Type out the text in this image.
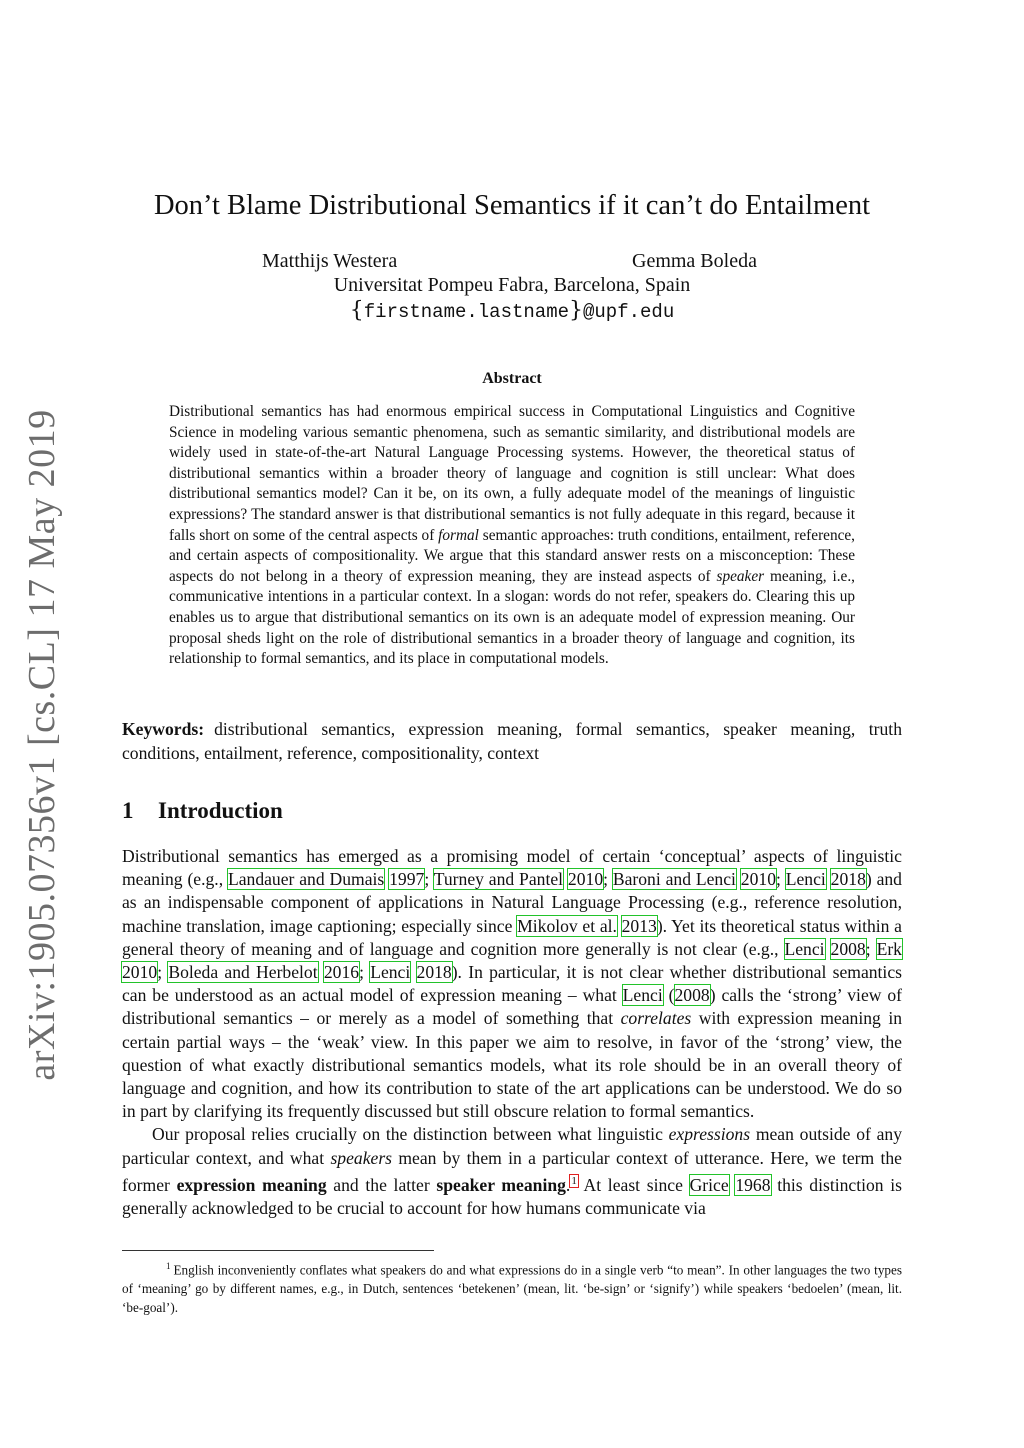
arXiv:1905.07356v1 [cs.CL] 17 May 2019
Don’t Blame Distributional Semantics if it can’t do Entailment
Matthijs Westera	Gemma Boleda
Universitat Pompeu Fabra, Barcelona, Spain
{firstname.lastname}@upf.edu
Abstract
Distributional semantics has had enormous empirical success in Computational Linguistics and Cognitive Science in modeling various semantic phenomena, such as semantic similarity, and distributional models are widely used in state-of-the-art Natural Language Processing systems. However, the theoretical status of distributional semantics within a broader theory of language and cognition is still unclear: What does distributional semantics model? Can it be, on its own, a fully adequate model of the meanings of linguistic expressions? The standard answer is that distributional semantics is not fully adequate in this regard, because it falls short on some of the central aspects of formal semantic approaches: truth conditions, entailment, reference, and certain aspects of compositionality. We argue that this standard answer rests on a misconception: These aspects do not belong in a theory of expression meaning, they are instead aspects of speaker meaning, i.e., communicative intentions in a particular context. In a slogan: words do not refer, speakers do. Clearing this up enables us to argue that distributional semantics on its own is an adequate model of expression meaning. Our proposal sheds light on the role of distributional semantics in a broader theory of language and cognition, its relationship to formal semantics, and its place in computational models.
Keywords: distributional semantics, expression meaning, formal semantics, speaker meaning, truth conditions, entailment, reference, compositionality, context
1 Introduction

Distributional semantics has emerged as a promising model of certain ‘conceptual’ aspects of linguistic meaning (e.g., Landauer and Dumais 1997; Turney and Pantel 2010; Baroni and Lenci 2010; Lenci 2018) and as an indispensable component of applications in Natural Language Processing (e.g., reference resolution, machine translation, image captioning; especially since Mikolov et al. 2013). Yet its theoretical status within a general theory of meaning and of language and cognition more generally is not clear (e.g., Lenci 2008; Erk 2010; Boleda and Herbelot 2016; Lenci 2018). In particular, it is not clear whether distributional semantics can be understood as an actual model of expression meaning – what Lenci (2008) calls the ‘strong’ view of distributional semantics – or merely as a model of something that correlates with expression meaning in certain partial ways – the ‘weak’ view. In this paper we aim to resolve, in favor of the ‘strong’ view, the question of what exactly distributional semantics models, what its role should be in an overall theory of language and cognition, and how its contribution to state of the art applications can be understood. We do so in part by clarifying its frequently discussed but still obscure relation to formal semantics.

Our proposal relies crucially on the distinction between what linguistic expressions mean outside of any particular context, and what speakers mean by them in a particular context of utterance. Here, we term the former expression meaning and the latter speaker meaning.$^1$ At least since Grice 1968 this distinction is generally acknowledged to be crucial to account for how humans communicate via

$^1$ English inconveniently conflates what speakers do and what expressions do in a single verb “to mean”. In other languages the two types of ‘meaning’ go by different names, e.g., in Dutch, sentences ‘betekenen’ (mean, lit. ‘be-sign’ or ‘signify’) while speakers ‘bedoelen’ (mean, lit. ‘be-goal’).
